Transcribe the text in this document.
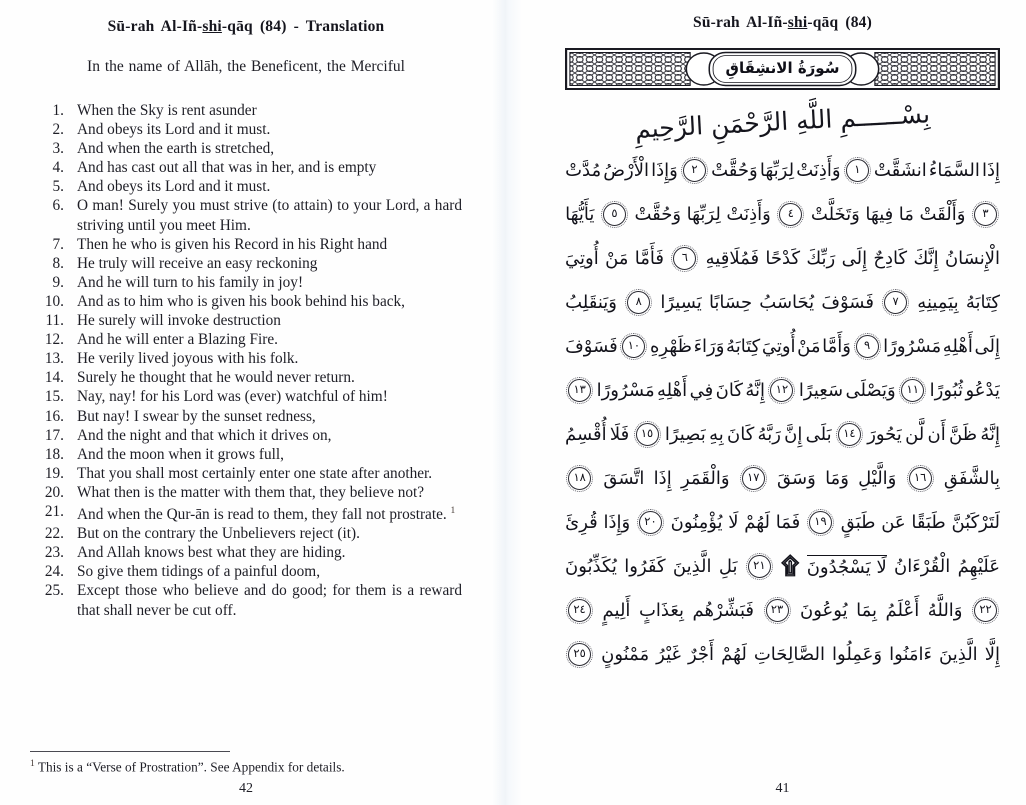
Sū-rah Al-Iñ-shi-qāq (84) - Translation
In the name of Allāh, the Beneficent, the Merciful
1. When the Sky is rent asunder
2. And obeys its Lord and it must.
3. And when the earth is stretched,
4. And has cast out all that was in her, and is empty
5. And obeys its Lord and it must.
6. O man! Surely you must strive (to attain) to your Lord, a hard striving until you meet Him.
7. Then he who is given his Record in his Right hand
8. He truly will receive an easy reckoning
9. And he will turn to his family in joy!
10. And as to him who is given his book behind his back,
11. He surely will invoke destruction
12. And he will enter a Blazing Fire.
13. He verily lived joyous with his folk.
14. Surely he thought that he would never return.
15. Nay, nay! for his Lord was (ever) watchful of him!
16. But nay! I swear by the sunset redness,
17. And the night and that which it drives on,
18. And the moon when it grows full,
19. That you shall most certainly enter one state after another.
20. What then is the matter with them that, they believe not?
21. And when the Qur-ān is read to them, they fall not prostrate. $^1$
22. But on the contrary the Unbelievers reject (it).
23. And Allah knows best what they are hiding.
24. So give them tidings of a painful doom,
25. Except those who believe and do good; for them is a reward that shall never be cut off.
$^1$ This is a “Verse of Prostration”. See Appendix for details.
42
Sū-rah Al-Iñ-shi-qāq (84)
سُورَةُ الانشِقَاقِ
بِسْــــــمِ اللَّهِ الرَّحْمَنِ الرَّحِيمِ
إِذَا
السَّمَاءُ
انشَقَّتْ
١
وَأَذِنَتْ
لِرَبِّهَا
وَحُقَّتْ
٢
وَإِذَا
الْأَرْضُ
مُدَّتْ
٣
وَأَلْقَتْ
مَا
فِيهَا
وَتَخَلَّتْ
٤
وَأَذِنَتْ
لِرَبِّهَا
وَحُقَّتْ
٥
يَأَيُّهَا
الْإِنسَانُ
إِنَّكَ
كَادِحٌ
إِلَى
رَبِّكَ
كَدْحًا
فَمُلَاقِيهِ
٦
فَأَمَّا
مَنْ
أُوتِيَ
كِتَابَهُ
بِيَمِينِهِ
٧
فَسَوْفَ
يُحَاسَبُ
حِسَابًا
يَسِيرًا
٨
وَيَنقَلِبُ
إِلَى
أَهْلِهِ
مَسْرُورًا
٩
وَأَمَّا
مَنْ
أُوتِيَ
كِتَابَهُ
وَرَاءَ
ظَهْرِهِ
١٠
فَسَوْفَ
يَدْعُو
ثُبُورًا
١١
وَيَصْلَى
سَعِيرًا
١٢
إِنَّهُ
كَانَ
فِي
أَهْلِهِ
مَسْرُورًا
١٣
إِنَّهُ
ظَنَّ
أَن
لَّن
يَحُورَ
١٤
بَلَى
إِنَّ
رَبَّهُ
كَانَ
بِهِ
بَصِيرًا
١٥
فَلَا
أُقْسِمُ
بِالشَّفَقِ
١٦
وَالَّيْلِ
وَمَا
وَسَقَ
١٧
وَالْقَمَرِ
إِذَا
اتَّسَقَ
١٨
لَتَرْكَبُنَّ
طَبَقًا
عَن
طَبَقٍ
١٩
فَمَا
لَهُمْ
لَا
يُؤْمِنُونَ
٢٠
وَإِذَا
قُرِئَ
عَلَيْهِمُ
الْقُرْءَانُ
لَا يَسْجُدُونَ
۩
٢١
بَلِ
الَّذِينَ
كَفَرُوا
يُكَذِّبُونَ
٢٢
وَاللَّهُ
أَعْلَمُ
بِمَا
يُوعُونَ
٢٣
فَبَشِّرْهُم
بِعَذَابٍ
أَلِيمٍ
٢٤
إِلَّا
الَّذِينَ
ءَامَنُوا
وَعَمِلُوا
الصَّالِحَاتِ
لَهُمْ
أَجْرٌ
غَيْرُ
مَمْنُونٍ
٢٥
41
